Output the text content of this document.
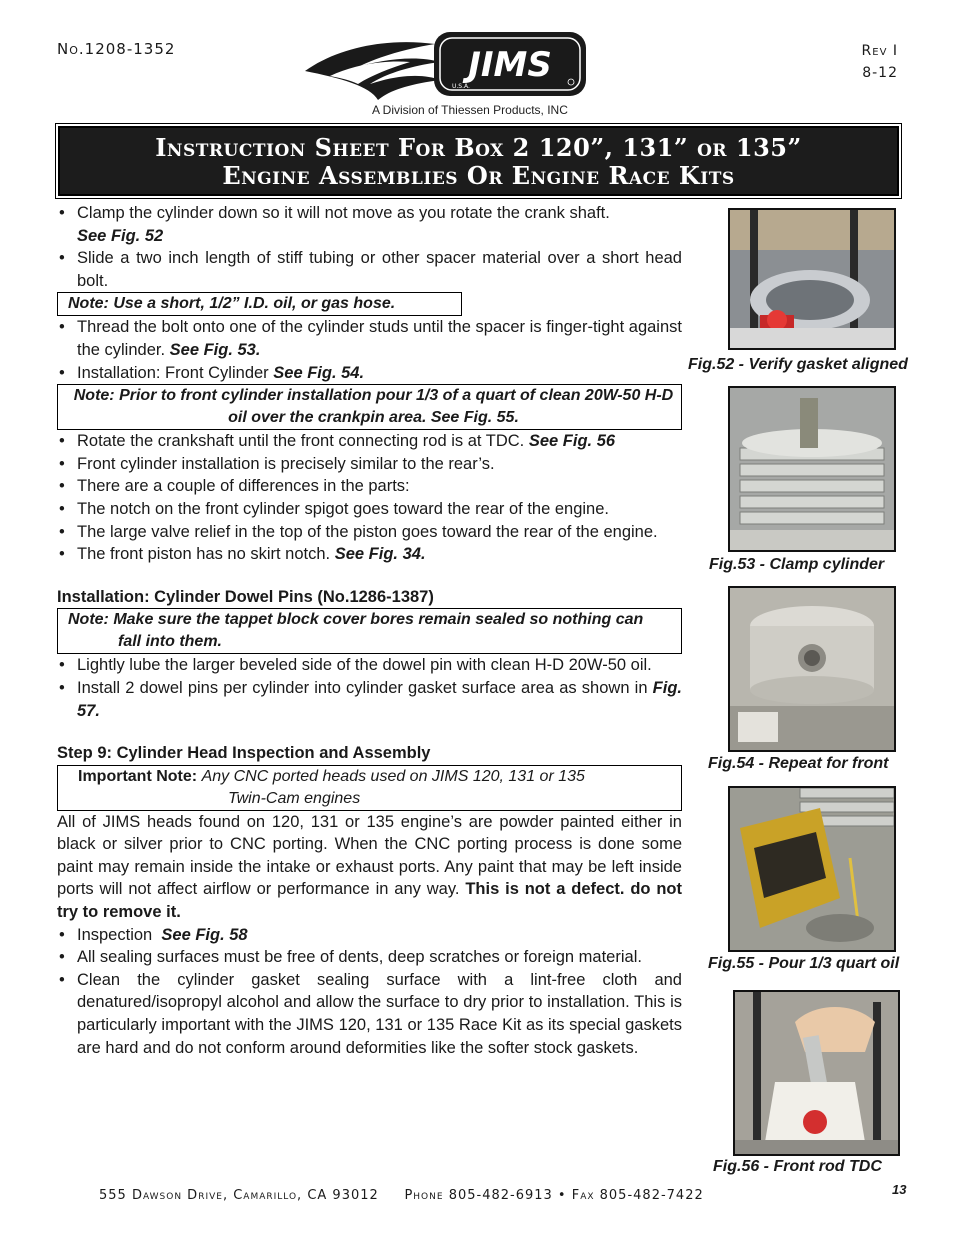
No.1208-1352	Rev I
8-12
JIMS
U.S.A.
A Division of Thiessen Products, INC
Instruction Sheet For Box 2 120”, 131” or 135”
Engine Assemblies Or Engine Race Kits
• Clamp the cylinder down so it will not move as you rotate the crank shaft.
See Fig. 52
• Slide a two inch length of stiff tubing or other spacer material over a short head bolt.
Note: Use a short, 1/2” I.D. oil, or gas hose.
• Thread the bolt onto one of the cylinder studs until the spacer is finger-tight against the cylinder. See Fig. 53.
• Installation: Front Cylinder See Fig. 54.
Note: Prior to front cylinder installation pour 1/3 of a quart of clean 20W-50 H-D oil over the crankpin area. See Fig. 55.
• Rotate the crankshaft until the front connecting rod is at TDC. See Fig. 56
• Front cylinder installation is precisely similar to the rear’s.
• There are a couple of differences in the parts:
• The notch on the front cylinder spigot goes toward the rear of the engine.
• The large valve relief in the top of the piston goes toward the rear of the engine.
• The front piston has no skirt notch. See Fig. 34.
Installation: Cylinder Dowel Pins (No.1286-1387)
Note: Make sure the tappet block cover bores remain sealed so nothing can
fall into them.
• Lightly lube the larger beveled side of the dowel pin with clean H-D 20W-50 oil.
• Install 2 dowel pins per cylinder into cylinder gasket surface area as shown in Fig. 57.
Step 9: Cylinder Head Inspection and Assembly
Important Note: Any CNC ported heads used on JIMS 120, 131 or 135
Twin-Cam engines
All of JIMS heads found on 120, 131 or 135 engine’s are powder painted either in black or silver prior to CNC porting. When the CNC porting process is done some paint may remain inside the intake or exhaust ports. Any paint that may be left inside ports will not affect airflow or performance in any way. This is not a defect. do not try to remove it.
• Inspection See Fig. 58
• All sealing surfaces must be free of dents, deep scratches or foreign material.
• Clean the cylinder gasket sealing surface with a lint-free cloth and denatured/isopropyl alcohol and allow the surface to dry prior to installation. This is particularly important with the JIMS 120, 131 or 135 Race Kit as its special gaskets are hard and do not conform around deformities like the softer stock gaskets.
Fig.52 - Verify gasket aligned
Fig.53 - Clamp cylinder
Fig.54 - Repeat for front
Fig.55 - Pour 1/3 quart oil
Fig.56 - Front rod TDC
555 Dawson Drive, Camarillo, CA 93012     Phone 805-482-6913 • Fax 805-482-7422	13
